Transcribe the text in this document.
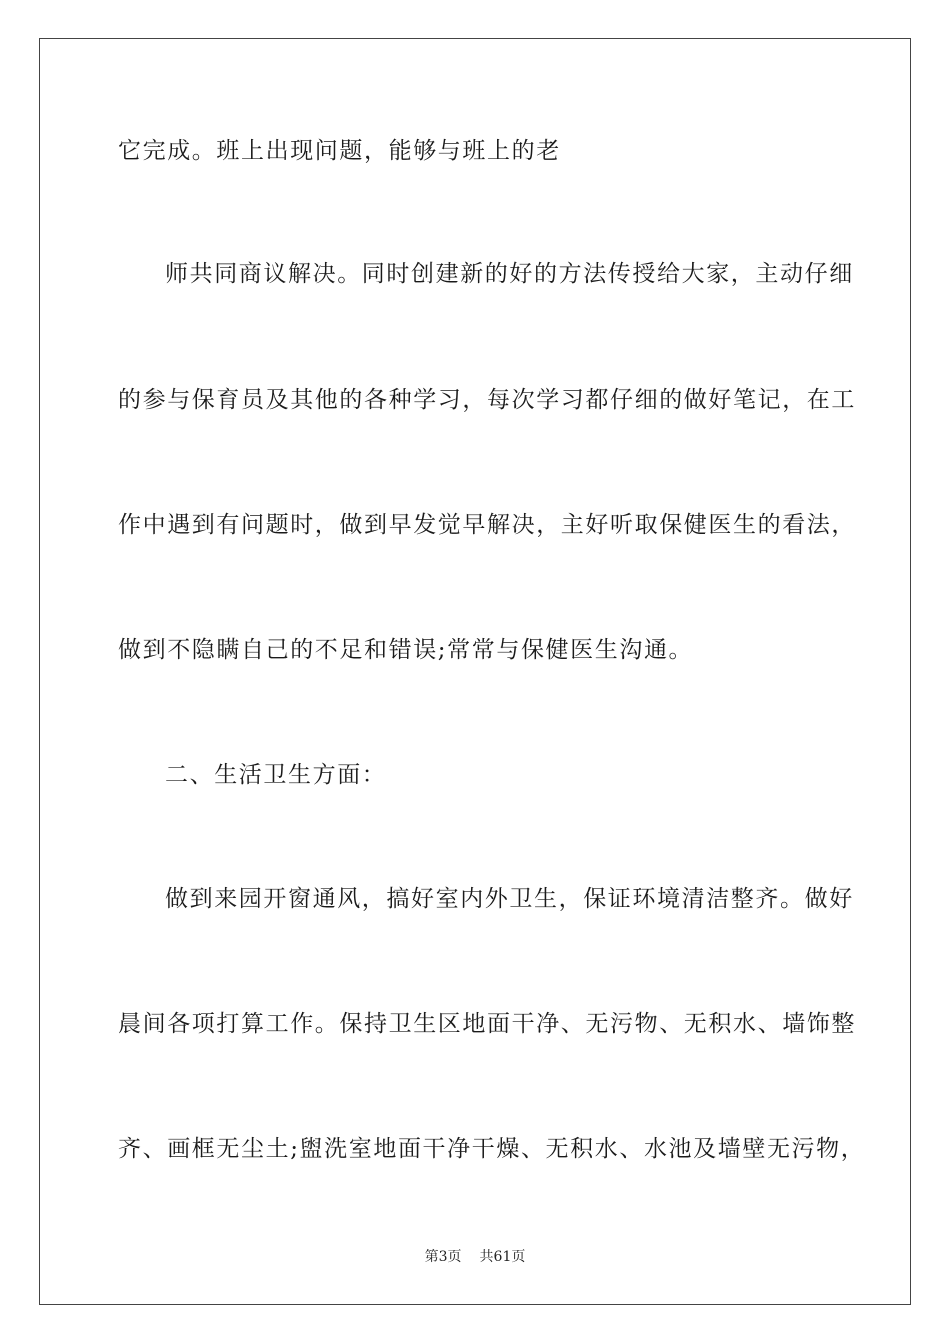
它完成。班上出现问题，能够与班上的老
师共同商议解决。同时创建新的好的方法传授给大家，主动仔细
的参与保育员及其他的各种学习，每次学习都仔细的做好笔记，在工
作中遇到有问题时，做到早发觉早解决，主好听取保健医生的看法，
做到不隐瞒自己的不足和错误;常常与保健医生沟通。
二、生活卫生方面：
做到来园开窗通风，搞好室内外卫生，保证环境清洁整齐。做好
晨间各项打算工作。保持卫生区地面干净、无污物、无积水、墙饰整
齐、画框无尘土;盥洗室地面干净干燥、无积水、水池及墙壁无污物，
第3页 共61页
